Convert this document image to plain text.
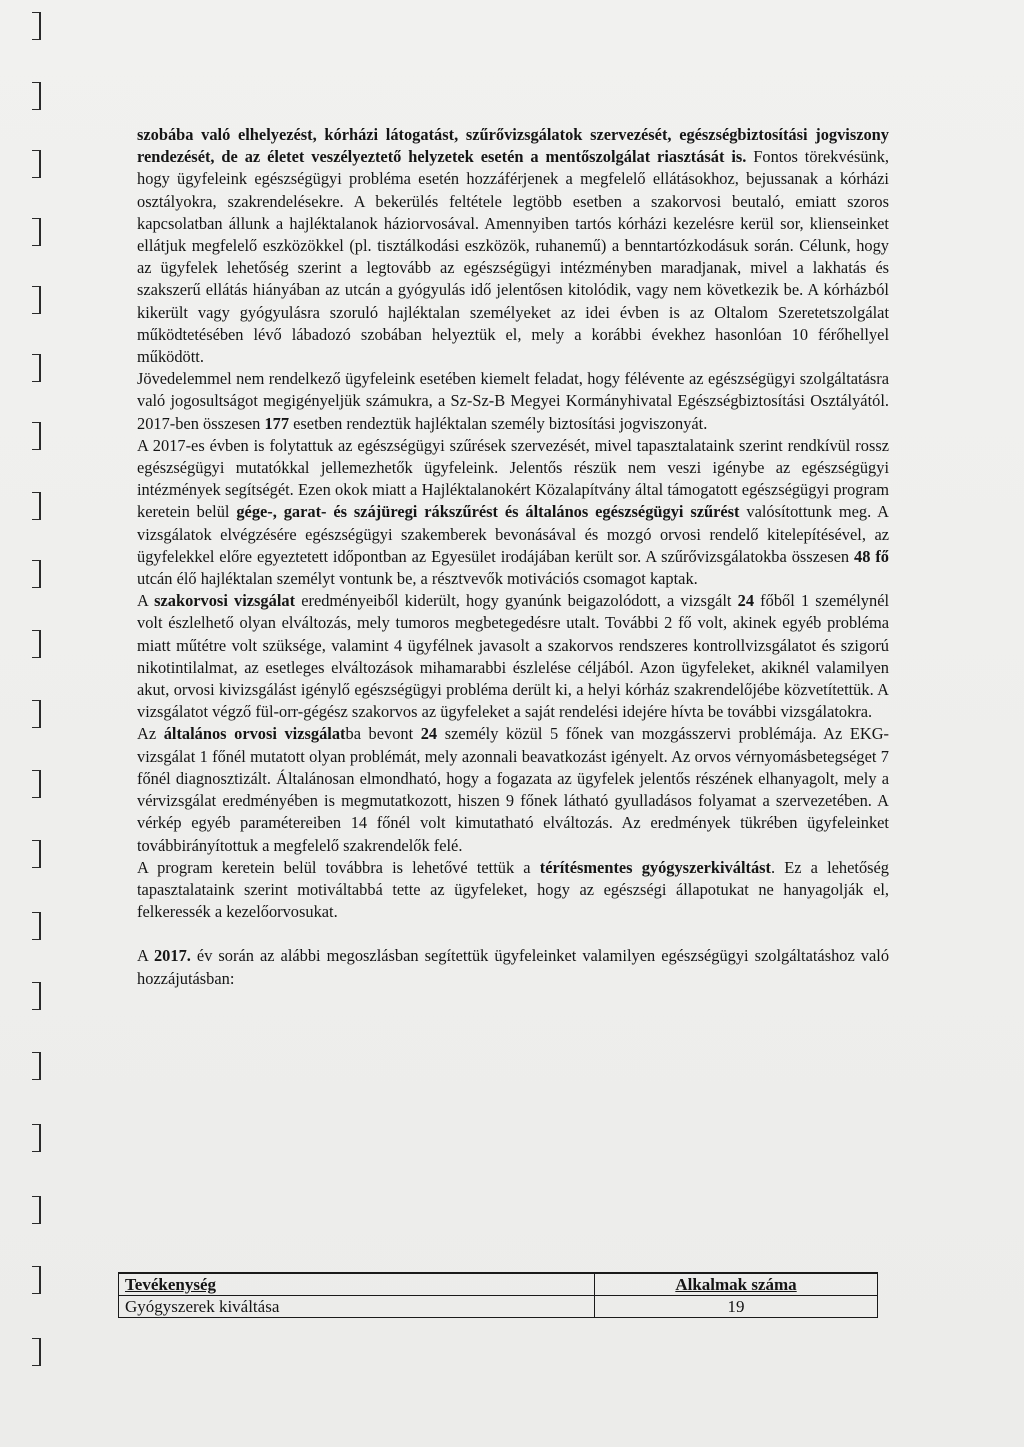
szobába való elhelyezést, kórházi látogatást, szűrővizsgálatok szervezését, egészségbiztosítási jogviszony rendezését, de az életet veszélyeztető helyzetek esetén a mentőszolgálat riasztását is. Fontos törekvésünk, hogy ügyfeleink egészségügyi probléma esetén hozzáférjenek a megfelelő ellátásokhoz, bejussanak a kórházi osztályokra, szakrendelésekre. A bekerülés feltétele legtöbb esetben a szakorvosi beutaló, emiatt szoros kapcsolatban állunk a hajléktalanok háziorvosával. Amennyiben tartós kórházi kezelésre kerül sor, klienseinket ellátjuk megfelelő eszközökkel (pl. tisztálkodási eszközök, ruhanemű) a benntartózkodásuk során. Célunk, hogy az ügyfelek lehetőség szerint a legtovább az egészségügyi intézményben maradjanak, mivel a lakhatás és szakszerű ellátás hiányában az utcán a gyógyulás idő jelentősen kitolódik, vagy nem következik be. A kórházból kikerült vagy gyógyulásra szoruló hajléktalan személyeket az idei évben is az Oltalom Szeretetszolgálat működtetésében lévő lábadozó szobában helyeztük el, mely a korábbi évekhez hasonlóan 10 férőhellyel működött.

Jövedelemmel nem rendelkező ügyfeleink esetében kiemelt feladat, hogy félévente az egészségügyi szolgáltatásra való jogosultságot megigényeljük számukra, a Sz-Sz-B Megyei Kormányhivatal Egészségbiztosítási Osztályától. 2017-ben összesen 177 esetben rendeztük hajléktalan személy biztosítási jogviszonyát.

A 2017-es évben is folytattuk az egészségügyi szűrések szervezését, mivel tapasztalataink szerint rendkívül rossz egészségügyi mutatókkal jellemezhetők ügyfeleink. Jelentős részük nem veszi igénybe az egészségügyi intézmények segítségét. Ezen okok miatt a Hajléktalanokért Közalapítvány által támogatott egészségügyi program keretein belül gége-, garat- és szájüregi rákszűrést és általános egészségügyi szűrést valósítottunk meg. A vizsgálatok elvégzésére egészségügyi szakemberek bevonásával és mozgó orvosi rendelő kitelepítésével, az ügyfelekkel előre egyeztetett időpontban az Egyesület irodájában került sor. A szűrővizsgálatokba összesen 48 fő utcán élő hajléktalan személyt vontunk be, a résztvevők motivációs csomagot kaptak.

A szakorvosi vizsgálat eredményeiből kiderült, hogy gyanúnk beigazolódott, a vizsgált 24 főből 1 személynél volt észlelhető olyan elváltozás, mely tumoros megbetegedésre utalt. További 2 fő volt, akinek egyéb probléma miatt műtétre volt szüksége, valamint 4 ügyfélnek javasolt a szakorvos rendszeres kontrollvizsgálatot és szigorú nikotintilalmat, az esetleges elváltozások mihamarabbi észlelése céljából. Azon ügyfeleket, akiknél valamilyen akut, orvosi kivizsgálást igénylő egészségügyi probléma derült ki, a helyi kórház szakrendelőjébe közvetítettük. A vizsgálatot végző fül-orr-gégész szakorvos az ügyfeleket a saját rendelési idejére hívta be további vizsgálatokra.

Az általános orvosi vizsgálatba bevont 24 személy közül 5 főnek van mozgásszervi problémája. Az EKG-vizsgálat 1 főnél mutatott olyan problémát, mely azonnali beavatkozást igényelt. Az orvos vérnyomásbetegséget 7 főnél diagnosztizált. Általánosan elmondható, hogy a fogazata az ügyfelek jelentős részének elhanyagolt, mely a vérvizsgálat eredményében is megmutatkozott, hiszen 9 főnek látható gyulladásos folyamat a szervezetében. A vérkép egyéb paramétereiben 14 főnél volt kimutatható elváltozás. Az eredmények tükrében ügyfeleinket továbbirányítottuk a megfelelő szakrendelők felé.

A program keretein belül továbbra is lehetővé tettük a térítésmentes gyógyszerkiváltást. Ez a lehetőség tapasztalataink szerint motiváltabbá tette az ügyfeleket, hogy az egészségi állapotukat ne hanyagolják el, felkeressék a kezelőorvosukat.

A 2017. év során az alábbi megoszlásban segítettük ügyfeleinket valamilyen egészségügyi szolgáltatáshoz való hozzájutásban:

Tevékenység	Alkalmak száma
Gyógyszerek kiváltása	19
